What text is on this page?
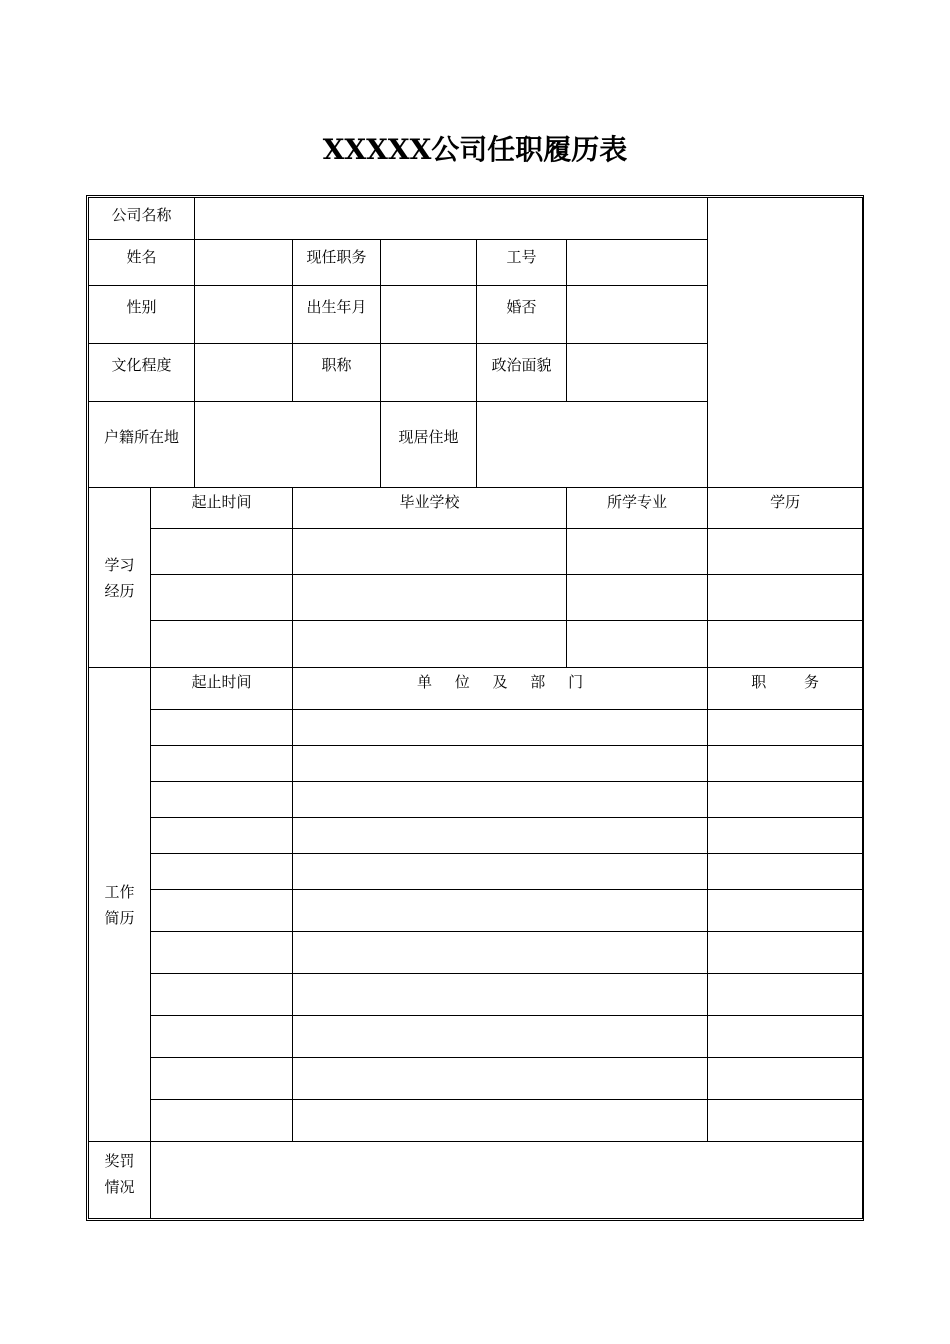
XXXXX公司任职履历表
公司名称							
姓名			现任职务		工号		
性别			出生年月		婚否		
文化程度			职称		政治面貌		
户籍所在地				现居住地			

学习
经历	起止时间		毕业学校			所学专业	学历

工作
简历	起止时间		单 位 及 部 门				职 务

奖罚
情况							
